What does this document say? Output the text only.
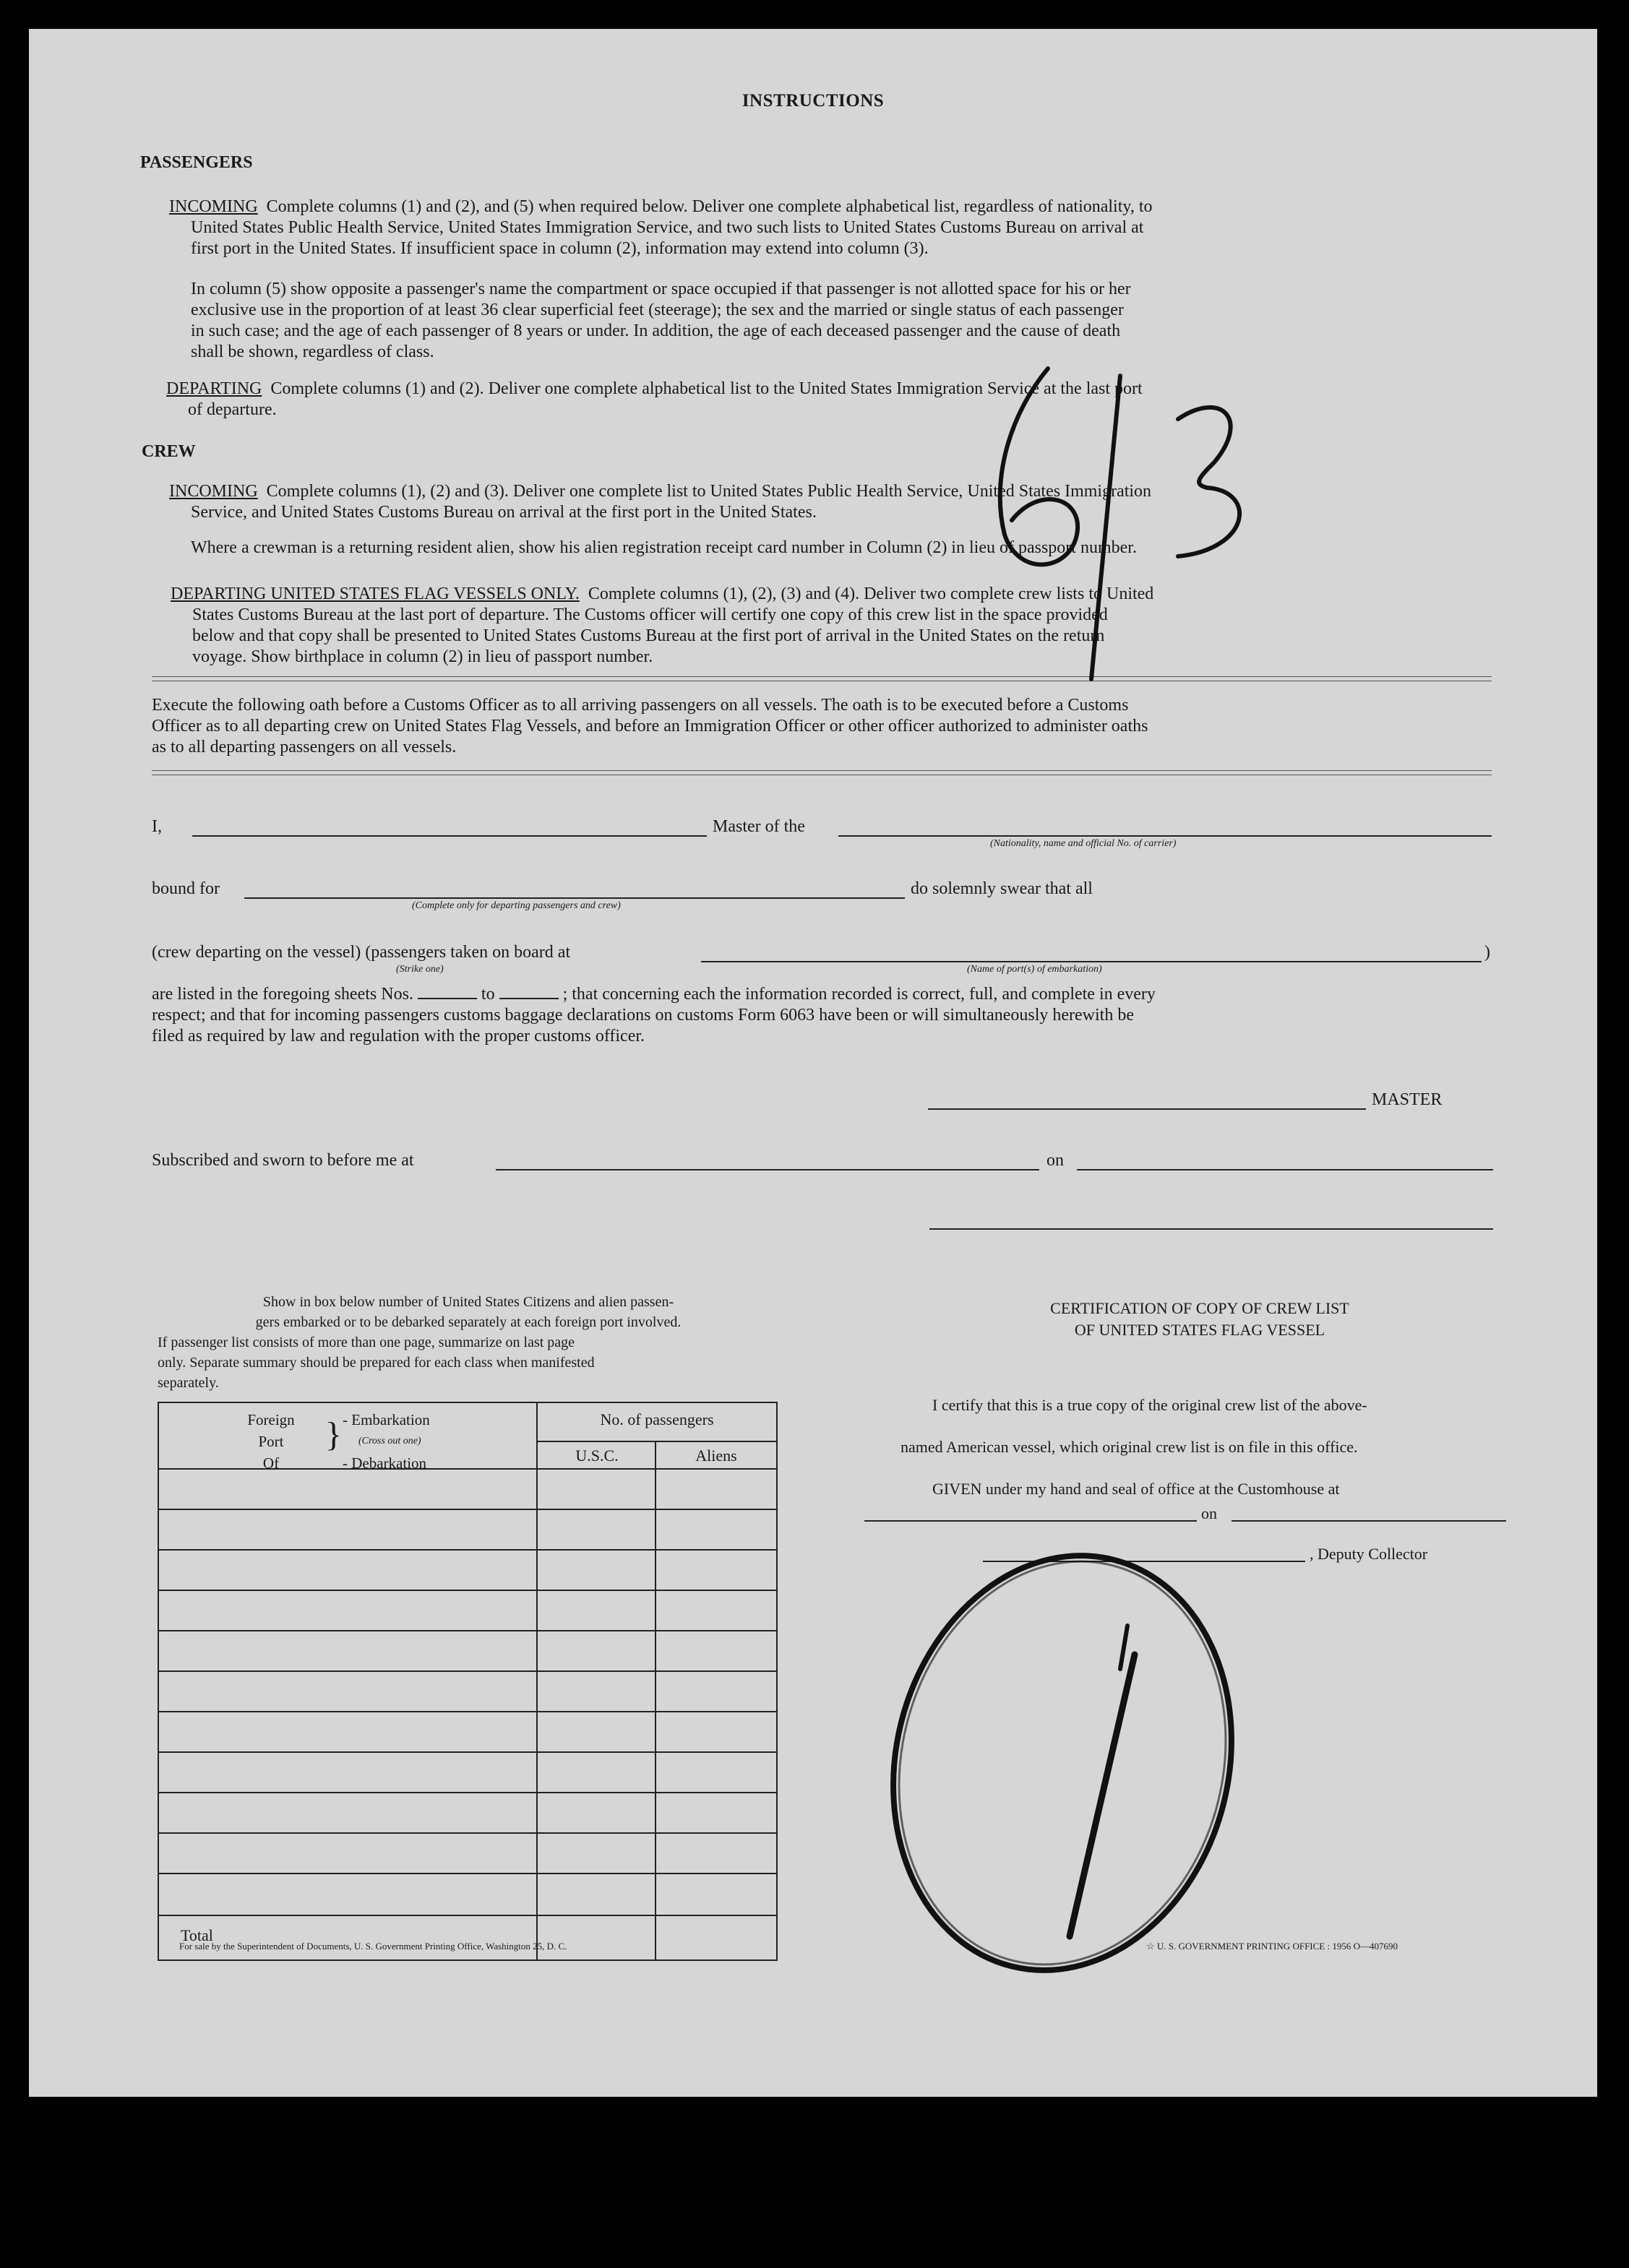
INSTRUCTIONS
PASSENGERS
INCOMING Complete columns (1) and (2), and (5) when required below. Deliver one complete alphabetical list, regardless of nationality, to
United States Public Health Service, United States Immigration Service, and two such lists to United States Customs Bureau on arrival at
first port in the United States. If insufficient space in column (2), information may extend into column (3).
In column (5) show opposite a passenger's name the compartment or space occupied if that passenger is not allotted space for his or her
exclusive use in the proportion of at least 36 clear superficial feet (steerage); the sex and the married or single status of each passenger
in such case; and the age of each passenger of 8 years or under. In addition, the age of each deceased passenger and the cause of death
shall be shown, regardless of class.
DEPARTING Complete columns (1) and (2). Deliver one complete alphabetical list to the United States Immigration Service at the last port
of departure.
CREW
INCOMING Complete columns (1), (2) and (3). Deliver one complete list to United States Public Health Service, United States Immigration
Service, and United States Customs Bureau on arrival at the first port in the United States.
Where a crewman is a returning resident alien, show his alien registration receipt card number in Column (2) in lieu of passport number.
DEPARTING UNITED STATES FLAG VESSELS ONLY. Complete columns (1), (2), (3) and (4). Deliver two complete crew lists to United
States Customs Bureau at the last port of departure. The Customs officer will certify one copy of this crew list in the space provided
below and that copy shall be presented to United States Customs Bureau at the first port of arrival in the United States on the return
voyage. Show birthplace in column (2) in lieu of passport number.
Execute the following oath before a Customs Officer as to all arriving passengers on all vessels. The oath is to be executed before a Customs
Officer as to all departing crew on United States Flag Vessels, and before an Immigration Officer or other officer authorized to administer oaths
as to all departing passengers on all vessels.
I,	Master of the
(Nationality, name and official No. of carrier)
bound for
(Complete only for departing passengers and crew)
do solemnly swear that all
(crew departing on the vessel) (passengers taken on board at
(Strike one)	(Name of port(s) of embarkation)
)
are listed in the foregoing sheets Nos.	to	; that concerning each the information recorded is correct, full, and complete in every
respect; and that for incoming passengers customs baggage declarations on customs Form 6063 have been or will simultaneously herewith be
filed as required by law and regulation with the proper customs officer.
MASTER
Subscribed and sworn to before me at	on
Show in box below number of United States Citizens and alien passen-
gers embarked or to be debarked separately at each foreign port involved.
If passenger list consists of more than one page, summarize on last page
only. Separate summary should be prepared for each class when manifested
separately.
Foreign
Port
Of
} - Embarkation
(Cross out one)
- Debarkation
No. of passengers
U.S.C.	Aliens
Total
CERTIFICATION OF COPY OF CREW LIST
OF UNITED STATES FLAG VESSEL
I certify that this is a true copy of the original crew list of the above-
named American vessel, which original crew list is on file in this office.
GIVEN under my hand and seal of office at the Customhouse at
on
, Deputy Collector
For sale by the Superintendent of Documents, U. S. Government Printing Office, Washington 25, D. C.	☆ U. S. GOVERNMENT PRINTING OFFICE : 1956 O—407690
